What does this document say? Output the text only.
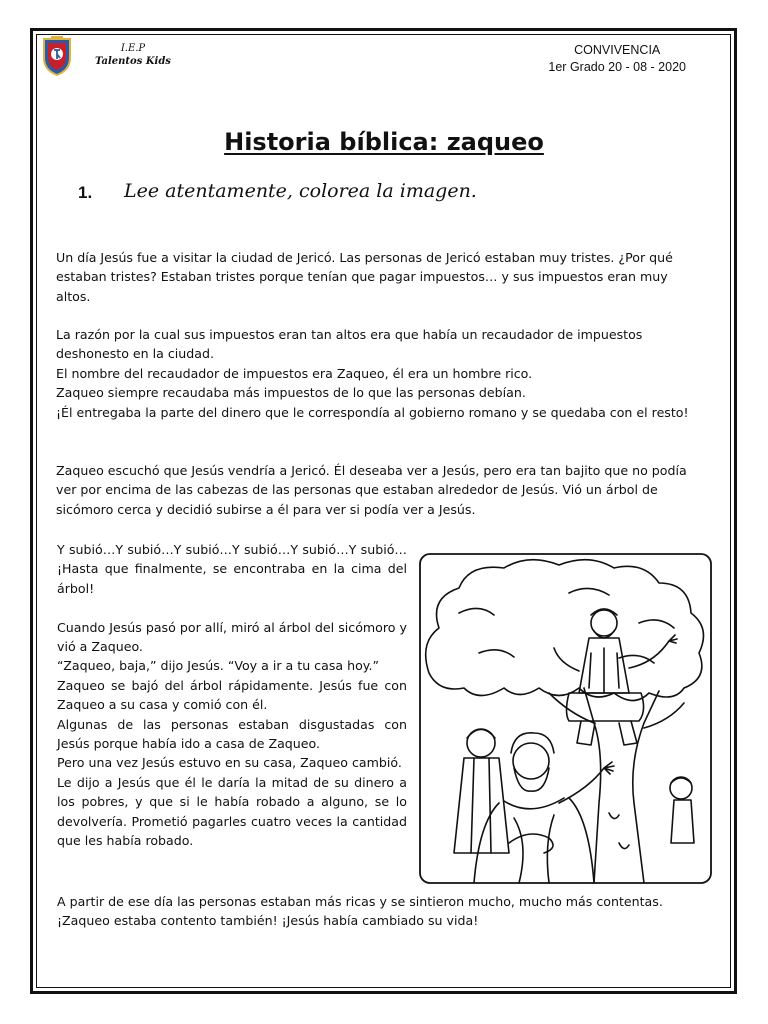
I.E.P
Talentos Kids
CONVIVENCIA
1er Grado 20 - 08 - 2020
Historia bíblica: zaqueo
1. Lee atentamente, colorea la imagen.

Un día Jesús fue a visitar la ciudad de Jericó. Las personas de Jericó estaban muy tristes. ¿Por qué estaban tristes? Estaban tristes porque tenían que pagar impuestos… y sus impuestos eran muy altos.

La razón por la cual sus impuestos eran tan altos era que había un recaudador de impuestos deshonesto en la ciudad.

El nombre del recaudador de impuestos era Zaqueo, él era un hombre rico.

Zaqueo siempre recaudaba más impuestos de lo que las personas debían.

¡Él entregaba la parte del dinero que le correspondía al gobierno romano y se quedaba con el resto!

Zaqueo escuchó que Jesús vendría a Jericó. Él deseaba ver a Jesús, pero era tan bajito que no podía ver por encima de las cabezas de las personas que estaban alrededor de Jesús. Vió un árbol de sicómoro cerca y decidió subirse a él para ver si podía ver a Jesús.

Y subió…Y subió…Y subió…Y subió…Y subió…Y subió… ¡Hasta que finalmente, se encontraba en la cima del árbol!

Cuando Jesús pasó por allí, miró al árbol del sicómoro y vió a Zaqueo.

“Zaqueo, baja,” dijo Jesús. “Voy a ir a tu casa hoy.”

Zaqueo se bajó del árbol rápidamente. Jesús fue con Zaqueo a su casa y comió con él.

Algunas de las personas estaban disgustadas con Jesús porque había ido a casa de Zaqueo.

Pero una vez Jesús estuvo en su casa, Zaqueo cambió.

Le dijo a Jesús que él le daría la mitad de su dinero a los pobres, y que si le había robado a alguno, se lo devolvería. Prometió pagarles cuatro veces la cantidad que les había robado.

A partir de ese día las personas estaban más ricas y se sintieron mucho, mucho más contentas.

¡Zaqueo estaba contento también! ¡Jesús había cambiado su vida!
